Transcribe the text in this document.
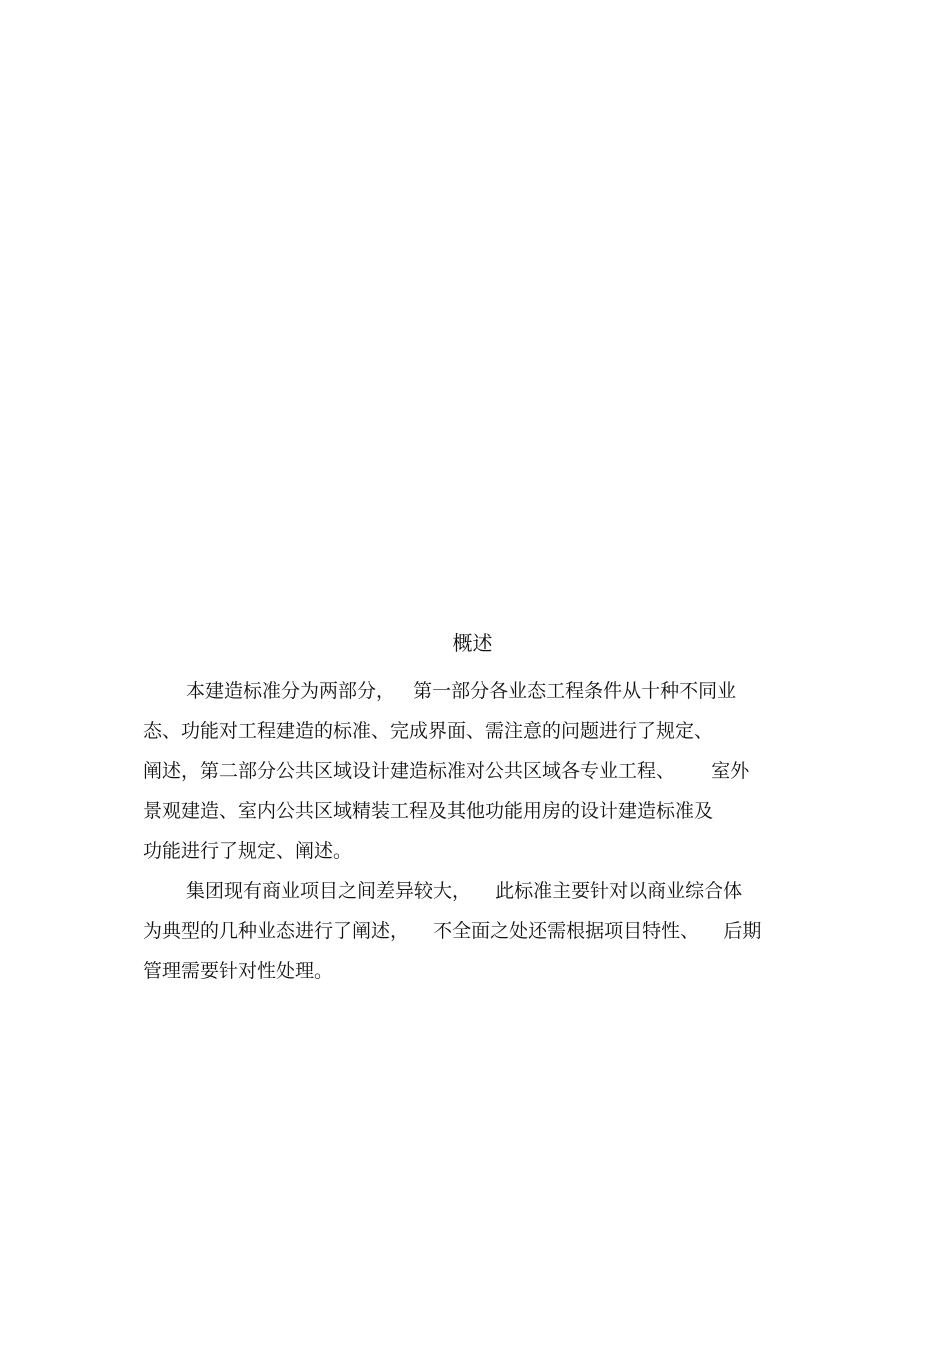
概述
本建造标准分为两部分，   第一部分各业态工程条件从十种不同业
态、功能对工程建造的标准、完成界面、需注意的问题进行了规定、
阐述，第二部分公共区域设计建造标准对公共区域各专业工程、      室外
景观建造、室内公共区域精装工程及其他功能用房的设计建造标准及
功能进行了规定、阐述。
集团现有商业项目之间差异较大，    此标准主要针对以商业综合体
为典型的几种业态进行了阐述，    不全面之处还需根据项目特性、    后期
管理需要针对性处理。
